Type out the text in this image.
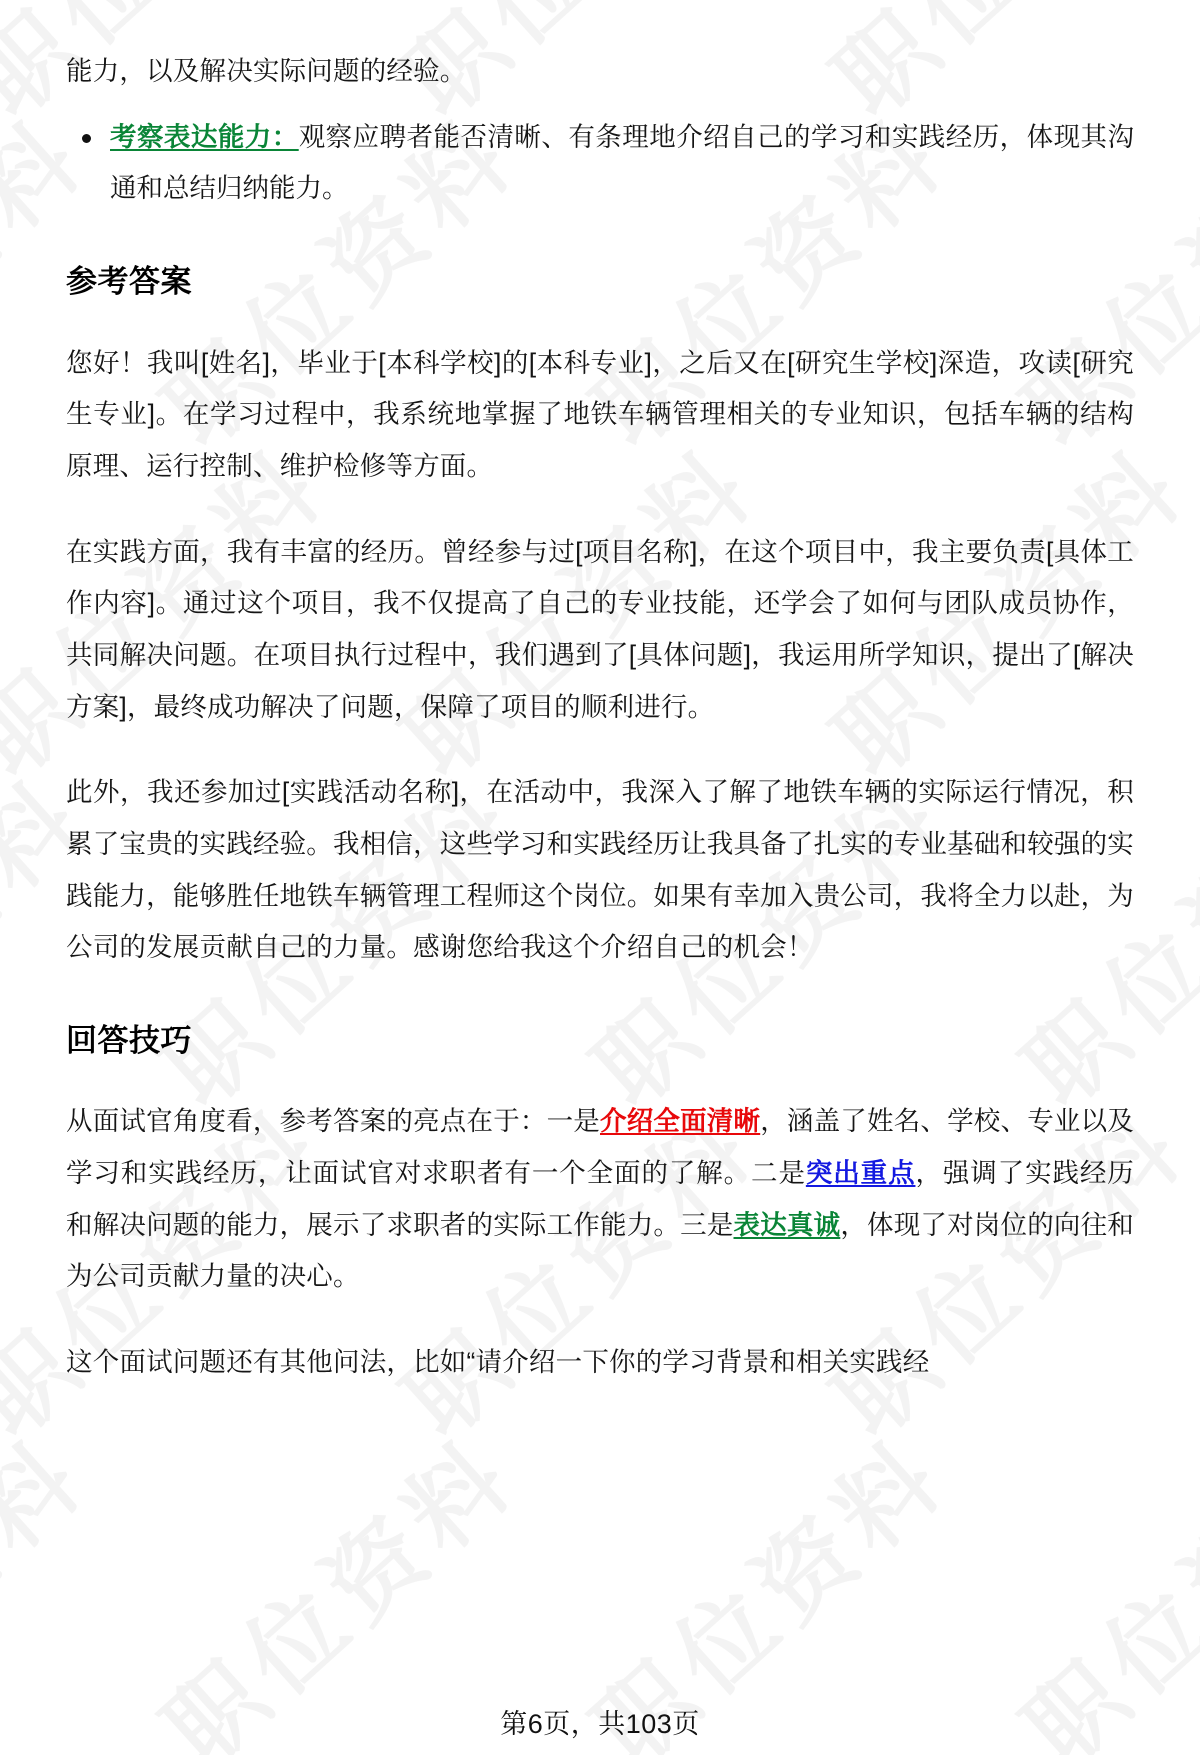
能力，以及解决实际问题的经验。

考察表达能力：观察应聘者能否清晰、有条理地介绍自己的学习和实践经历，体现其沟通和总结归纳能力。
参考答案

您好！我叫[姓名]，毕业于[本科学校]的[本科专业]，之后又在[研究生学校]深造，攻读[研究生专业]。在学习过程中，我系统地掌握了地铁车辆管理相关的专业知识，包括车辆的结构原理、运行控制、维护检修等方面。

在实践方面，我有丰富的经历。曾经参与过[项目名称]，在这个项目中，我主要负责[具体工作内容]。通过这个项目，我不仅提高了自己的专业技能，还学会了如何与团队成员协作，共同解决问题。在项目执行过程中，我们遇到了[具体问题]，我运用所学知识，提出了[解决方案]，最终成功解决了问题，保障了项目的顺利进行。

此外，我还参加过[实践活动名称]，在活动中，我深入了解了地铁车辆的实际运行情况，积累了宝贵的实践经验。我相信，这些学习和实践经历让我具备了扎实的专业基础和较强的实践能力，能够胜任地铁车辆管理工程师这个岗位。如果有幸加入贵公司，我将全力以赴，为公司的发展贡献自己的力量。感谢您给我这个介绍自己的机会！

回答技巧

从面试官角度看，参考答案的亮点在于：一是介绍全面清晰，涵盖了姓名、学校、专业以及学习和实践经历，让面试官对求职者有一个全面的了解。二是突出重点，强调了实践经历和解决问题的能力，展示了求职者的实际工作能力。三是表达真诚，体现了对岗位的向往和为公司贡献力量的决心。

这个面试问题还有其他问法，比如“请介绍一下你的学习背景和相关实践经

第6页，共103页
